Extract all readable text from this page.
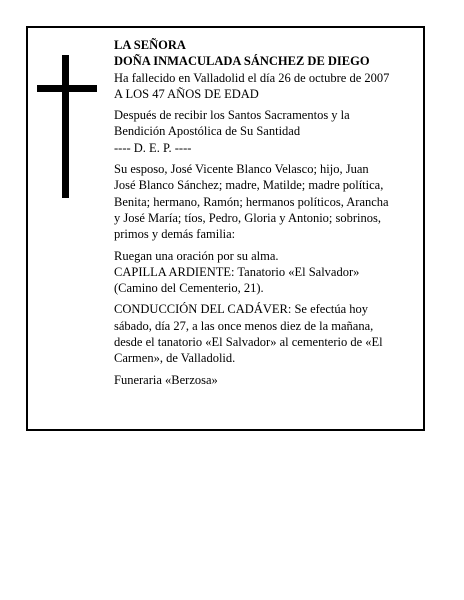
LA SEÑORA

DOÑA INMACULADA SÁNCHEZ DE DIEGO

Ha fallecido en Valladolid el día 26 de octubre de 2007

A LOS 47 AÑOS DE EDAD

Después de recibir los Santos Sacramentos y la

Bendición Apostólica de Su Santidad

---- D. E. P. ----

Su esposo, José Vicente Blanco Velasco; hijo, Juan

José Blanco Sánchez; madre, Matilde; madre política,

Benita; hermano, Ramón; hermanos políticos, Arancha

y José María; tíos, Pedro, Gloria y Antonio; sobrinos,

primos y demás familia:

Ruegan una oración por su alma.

CAPILLA ARDIENTE: Tanatorio «El Salvador»

(Camino del Cementerio, 21).

CONDUCCIÓN DEL CADÁVER: Se efectúa hoy

sábado, día 27, a las once menos diez de la mañana,

desde el tanatorio «El Salvador» al cementerio de «El

Carmen», de Valladolid.

Funeraria «Berzosa»
